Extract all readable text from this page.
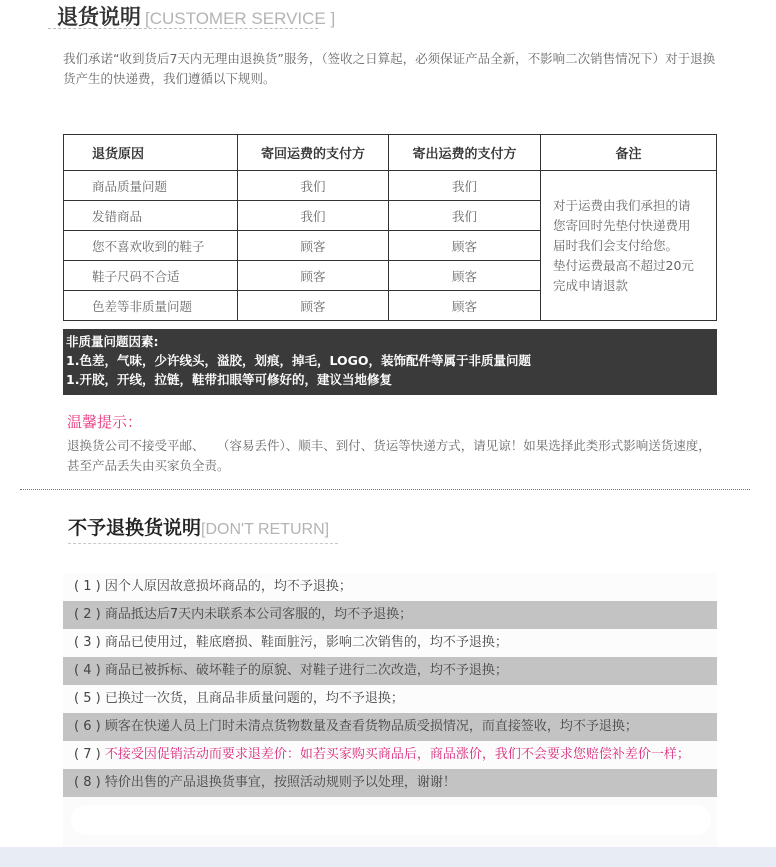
退货说明 [CUSTOMER SERVICE ]

我们承诺“收到货后7天内无理由退换货”服务，（签收之日算起，必须保证产品全新，不影响二次销售情况下）对于退换货产生的快递费，我们遵循以下规则。

退货原因	寄回运费的支付方	寄出运费的支付方	备注
商品质量问题	我们	我们	对于运费由我们承担的请
您寄回时先垫付快递费用
届时我们会支付给您。
垫付运费最高不超过20元
完成申请退款

发错商品	我们	我们	
您不喜欢收到的鞋子	顾客	顾客	
鞋子尺码不合适	顾客	顾客	
色差等非质量问题	顾客	顾客	
非质量问题因素:
1.色差，气味，少许线头，溢胶，划痕，掉毛，LOGO，装饰配件等属于非质量问题
1.开胶，开线，拉链，鞋带扣眼等可修好的，建议当地修复
温馨提示：

退换货公司不接受平邮、　　（容易丢件）、顺丰、到付、货运等快递方式，请见谅！如果选择此类形式影响送货速度，甚至产品丢失由买家负全责。

不予退换货说明 [DON'T RETURN]
( 1 ) 因个人原因故意损坏商品的，均不予退换；
( 2 ) 商品抵达后7天内未联系本公司客服的，均不予退换；
( 3 ) 商品已使用过，鞋底磨损、鞋面脏污，影响二次销售的，均不予退换；
( 4 ) 商品已被拆标、破坏鞋子的原貌、对鞋子进行二次改造，均不予退换；
( 5 ) 已换过一次货，且商品非质量问题的，均不予退换；
( 6 ) 顾客在快递人员上门时未清点货物数量及查看货物品质受损情况，而直接签收，均不予退换；
( 7 ) 不接受因促销活动而要求退差价：如若买家购买商品后，商品涨价，我们不会要求您赔偿补差价一样；
( 8 ) 特价出售的产品退换货事宜，按照活动规则予以处理，谢谢！
